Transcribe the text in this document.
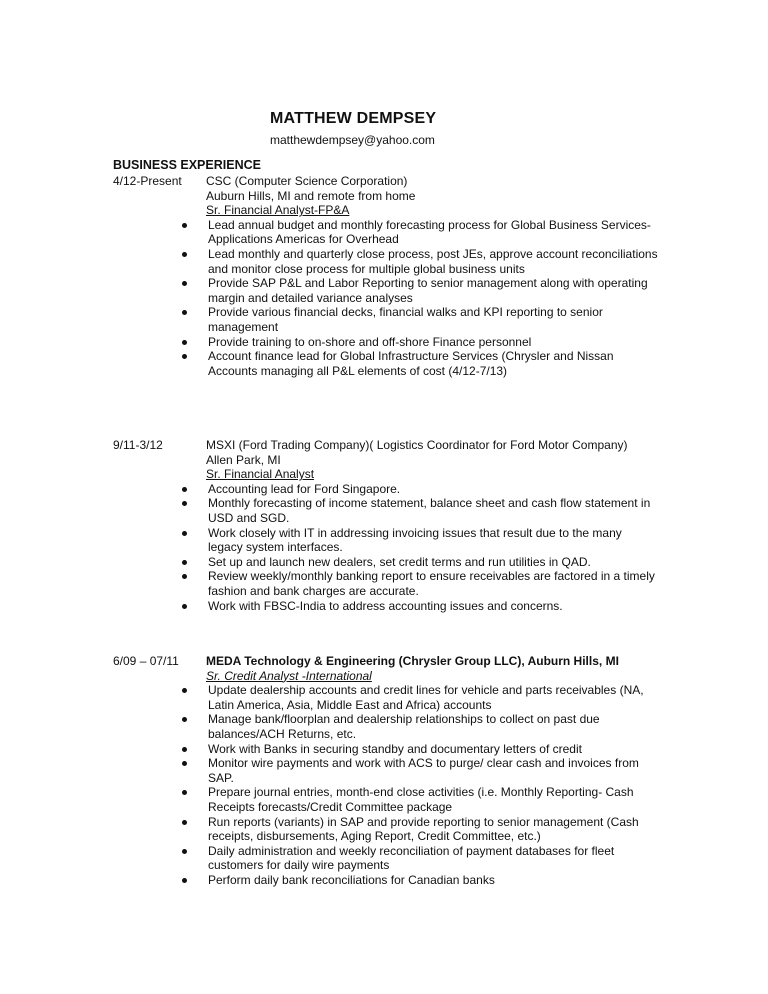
MATTHEW DEMPSEY
matthewdempsey@yahoo.com
BUSINESS EXPERIENCE
4/12-Present CSC (Computer Science Corporation)
Auburn Hills, MI and remote from home
Sr. Financial Analyst-FP&A
Lead annual budget and monthly forecasting process for Global Business Services-Applications Americas for Overhead
Lead monthly and quarterly close process, post JEs, approve account reconciliations and monitor close process for multiple global business units
Provide SAP P&L and Labor Reporting to senior management along with operating margin and detailed variance analyses
Provide various financial decks, financial walks and KPI reporting to senior management
Provide training to on-shore and off-shore Finance personnel
Account finance lead for Global Infrastructure Services (Chrysler and Nissan Accounts managing all P&L elements of cost (4/12-7/13)
9/11-3/12	MSXI (Ford Trading Company)( Logistics Coordinator for Ford Motor Company)
Allen Park, MI
Sr. Financial Analyst
Accounting lead for Ford Singapore.
Monthly forecasting of income statement, balance sheet and cash flow statement in USD and SGD.
Work closely with IT in addressing invoicing issues that result due to the many legacy system interfaces.
Set up and launch new dealers, set credit terms and run utilities in QAD.
Review weekly/monthly banking report to ensure receivables are factored in a timely fashion and bank charges are accurate.
Work with FBSC-India to address accounting issues and concerns.
6/09 – 07/11 MEDA Technology & Engineering (Chrysler Group LLC), Auburn Hills, MI
Sr. Credit Analyst -International
Update dealership accounts and credit lines for vehicle and parts receivables (NA, Latin America, Asia, Middle East and Africa) accounts
Manage bank/floorplan and dealership relationships to collect on past due balances/ACH Returns, etc.
Work with Banks in securing standby and documentary letters of credit
Monitor wire payments and work with ACS to purge/ clear cash and invoices from SAP.
Prepare journal entries, month-end close activities (i.e. Monthly Reporting- Cash Receipts forecasts/Credit Committee package
Run reports (variants) in SAP and provide reporting to senior management (Cash receipts, disbursements, Aging Report, Credit Committee, etc.)
Daily administration and weekly reconciliation of payment databases for fleet customers for daily wire payments
Perform daily bank reconciliations for Canadian banks
